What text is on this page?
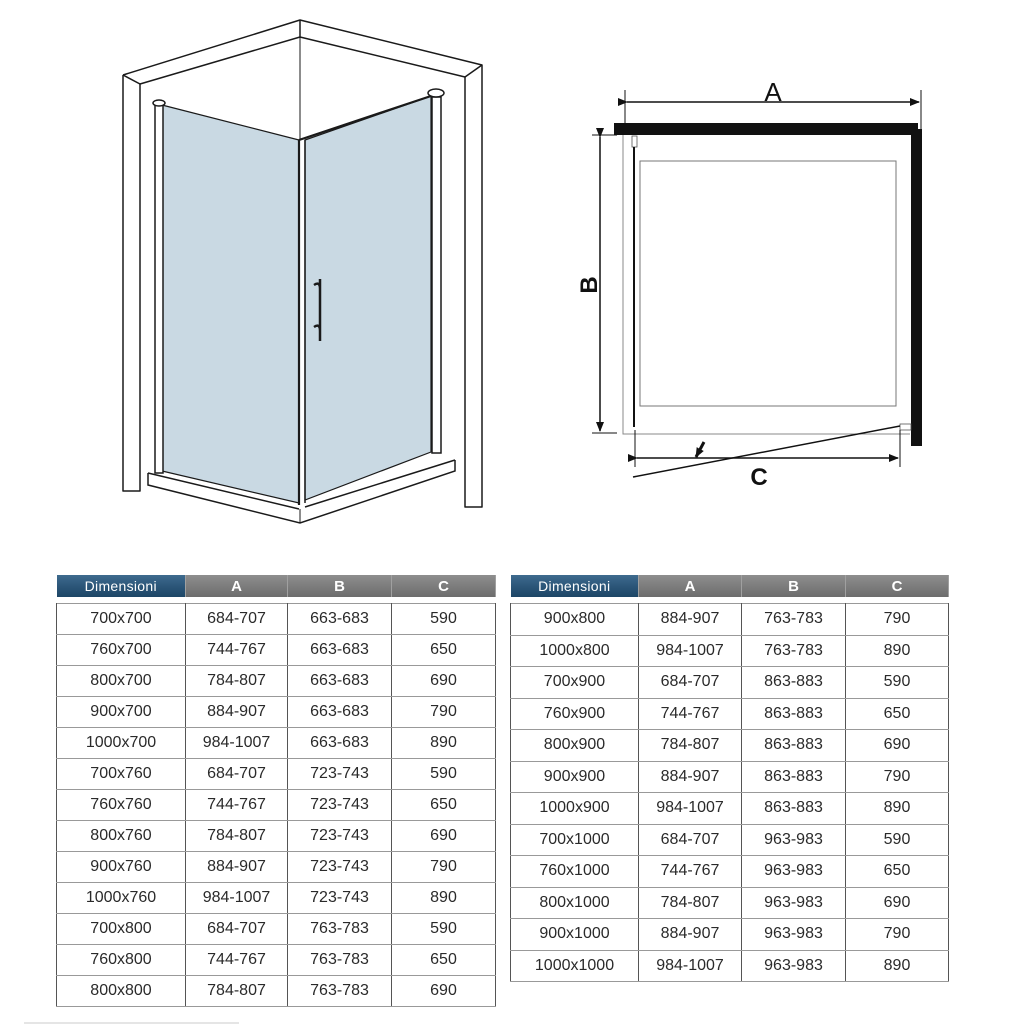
A
B
C
Dimensioni	A	B	C

700x700	684-707	663-683	590
760x700	744-767	663-683	650
800x700	784-807	663-683	690
900x700	884-907	663-683	790
1000x700	984-1007	663-683	890
700x760	684-707	723-743	590
760x760	744-767	723-743	650
800x760	784-807	723-743	690
900x760	884-907	723-743	790
1000x760	984-1007	723-743	890
700x800	684-707	763-783	590
760x800	744-767	763-783	650
800x800	784-807	763-783	690
Dimensioni	A	B	C

900x800	884-907	763-783	790
1000x800	984-1007	763-783	890
700x900	684-707	863-883	590
760x900	744-767	863-883	650
800x900	784-807	863-883	690
900x900	884-907	863-883	790
1000x900	984-1007	863-883	890
700x1000	684-707	963-983	590
760x1000	744-767	963-983	650
800x1000	784-807	963-983	690
900x1000	884-907	963-983	790
1000x1000	984-1007	963-983	890
